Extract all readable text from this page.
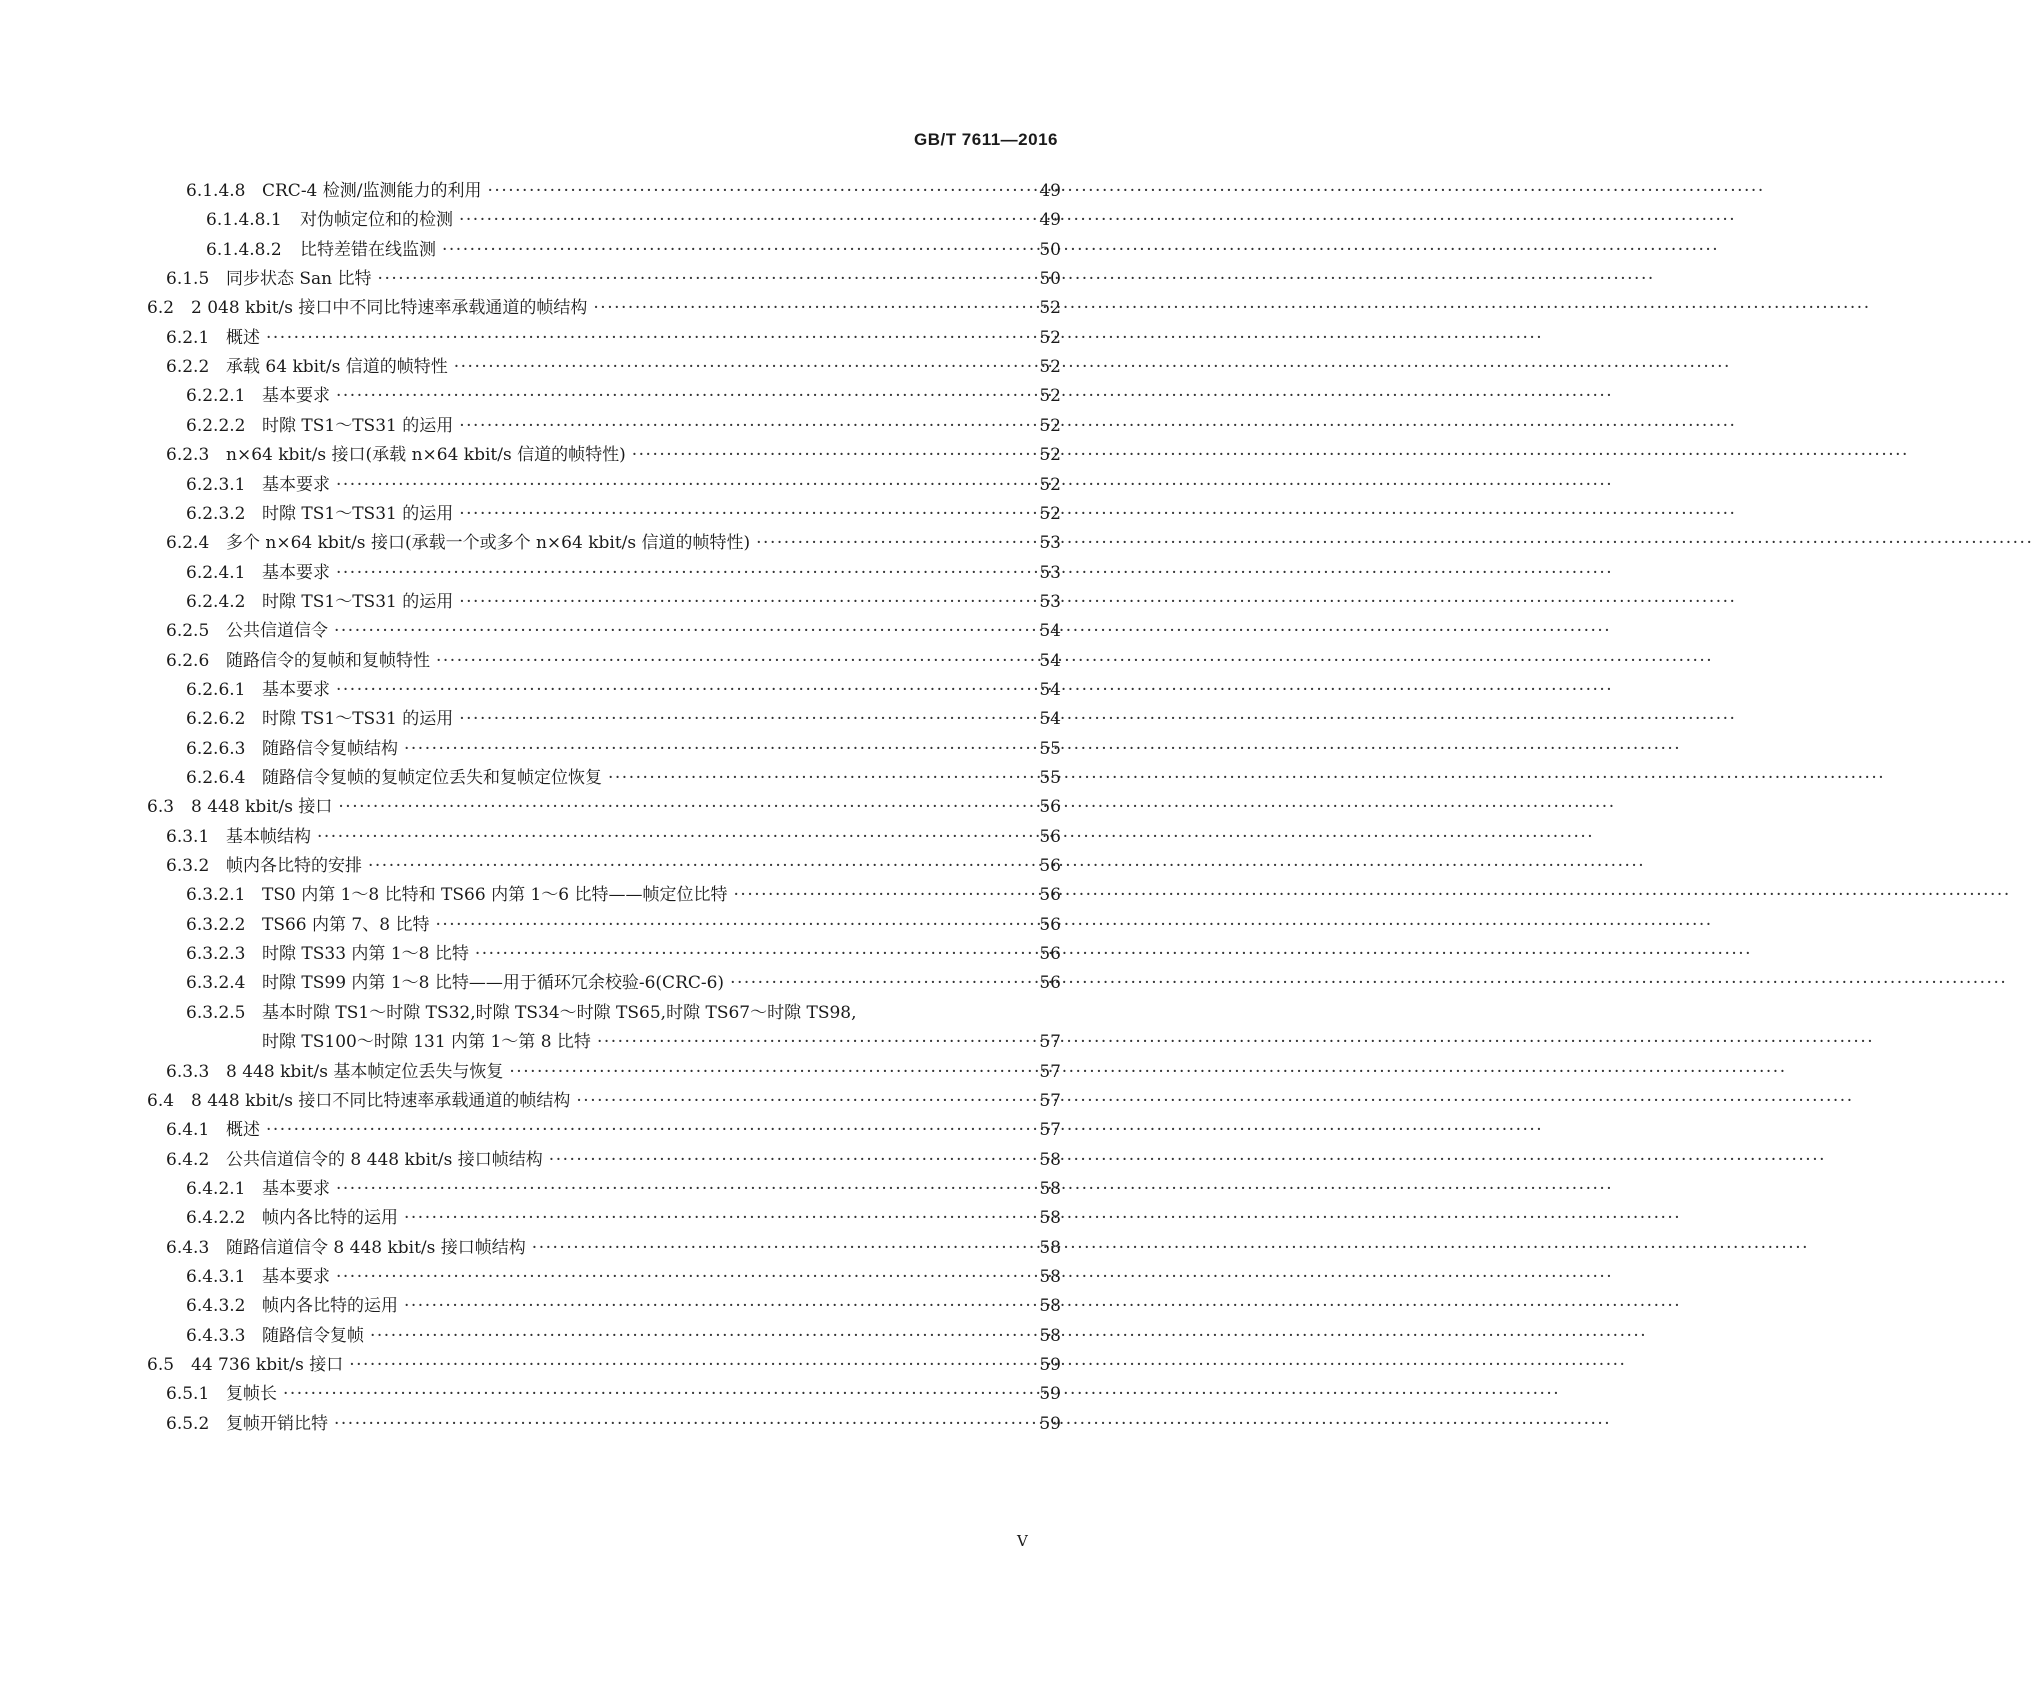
GB/T 7611—2016
6.1.4.8 CRC-4 检测/监测能力的利用 ·····	49
6.1.4.8.1	对伪帧定位和的检测 ·····	49
6.1.4.8.2	比特差错在线监测 ·····	50
6.1.5 同步状态 San 比特 ·····	50
6.2 2 048 kbit/s 接口中不同比特速率承载通道的帧结构 ·····	52
6.2.1 概述 ·····	52
6.2.2 承载 64 kbit/s 信道的帧特性 ·····	52
6.2.2.1 基本要求 ·····	52
6.2.2.2 时隙 TS1～TS31 的运用 ·····	52
6.2.3 n×64 kbit/s 接口(承载 n×64 kbit/s 信道的帧特性) ·····	52
6.2.3.1 基本要求 ·····	52
6.2.3.2 时隙 TS1～TS31 的运用 ·····	52
6.2.4 多个 n×64 kbit/s 接口(承载一个或多个 n×64 kbit/s 信道的帧特性) ·····	53
6.2.4.1 基本要求 ·····	53
6.2.4.2 时隙 TS1～TS31 的运用 ·····	53
6.2.5 公共信道信令 ·····	54
6.2.6 随路信令的复帧和复帧特性 ·····	54
6.2.6.1 基本要求 ·····	54
6.2.6.2 时隙 TS1～TS31 的运用 ·····	54
6.2.6.3 随路信令复帧结构 ·····	55
6.2.6.4 随路信令复帧的复帧定位丢失和复帧定位恢复 ·····	55
6.3 8 448 kbit/s 接口 ·····	56
6.3.1 基本帧结构 ·····	56
6.3.2 帧内各比特的安排 ·····	56
6.3.2.1 TS0 内第 1～8 比特和 TS66 内第 1～6 比特——帧定位比特 ·····	56
6.3.2.2 TS66 内第 7、8 比特 ·····	56
6.3.2.3 时隙 TS33 内第 1～8 比特 ·····	56
6.3.2.4 时隙 TS99 内第 1～8 比特——用于循环冗余校验-6(CRC-6) ·····	56
6.3.2.5 基本时隙 TS1～时隙 TS32,时隙 TS34～时隙 TS65,时隙 TS67～时隙 TS98,
时隙 TS100～时隙 131 内第 1～第 8 比特 ·····	57
6.3.3 8 448 kbit/s 基本帧定位丢失与恢复 ·····	57
6.4 8 448 kbit/s 接口不同比特速率承载通道的帧结构 ·····	57
6.4.1 概述 ·····	57
6.4.2 公共信道信令的 8 448 kbit/s 接口帧结构 ·····	58
6.4.2.1 基本要求 ·····	58
6.4.2.2 帧内各比特的运用 ·····	58
6.4.3 随路信道信令 8 448 kbit/s 接口帧结构 ·····	58
6.4.3.1 基本要求 ·····	58
6.4.3.2 帧内各比特的运用 ·····	58
6.4.3.3 随路信令复帧 ·····	58
6.5 44 736 kbit/s 接口 ·····	59
6.5.1 复帧长 ·····	59
6.5.2 复帧开销比特 ·····	59
V
